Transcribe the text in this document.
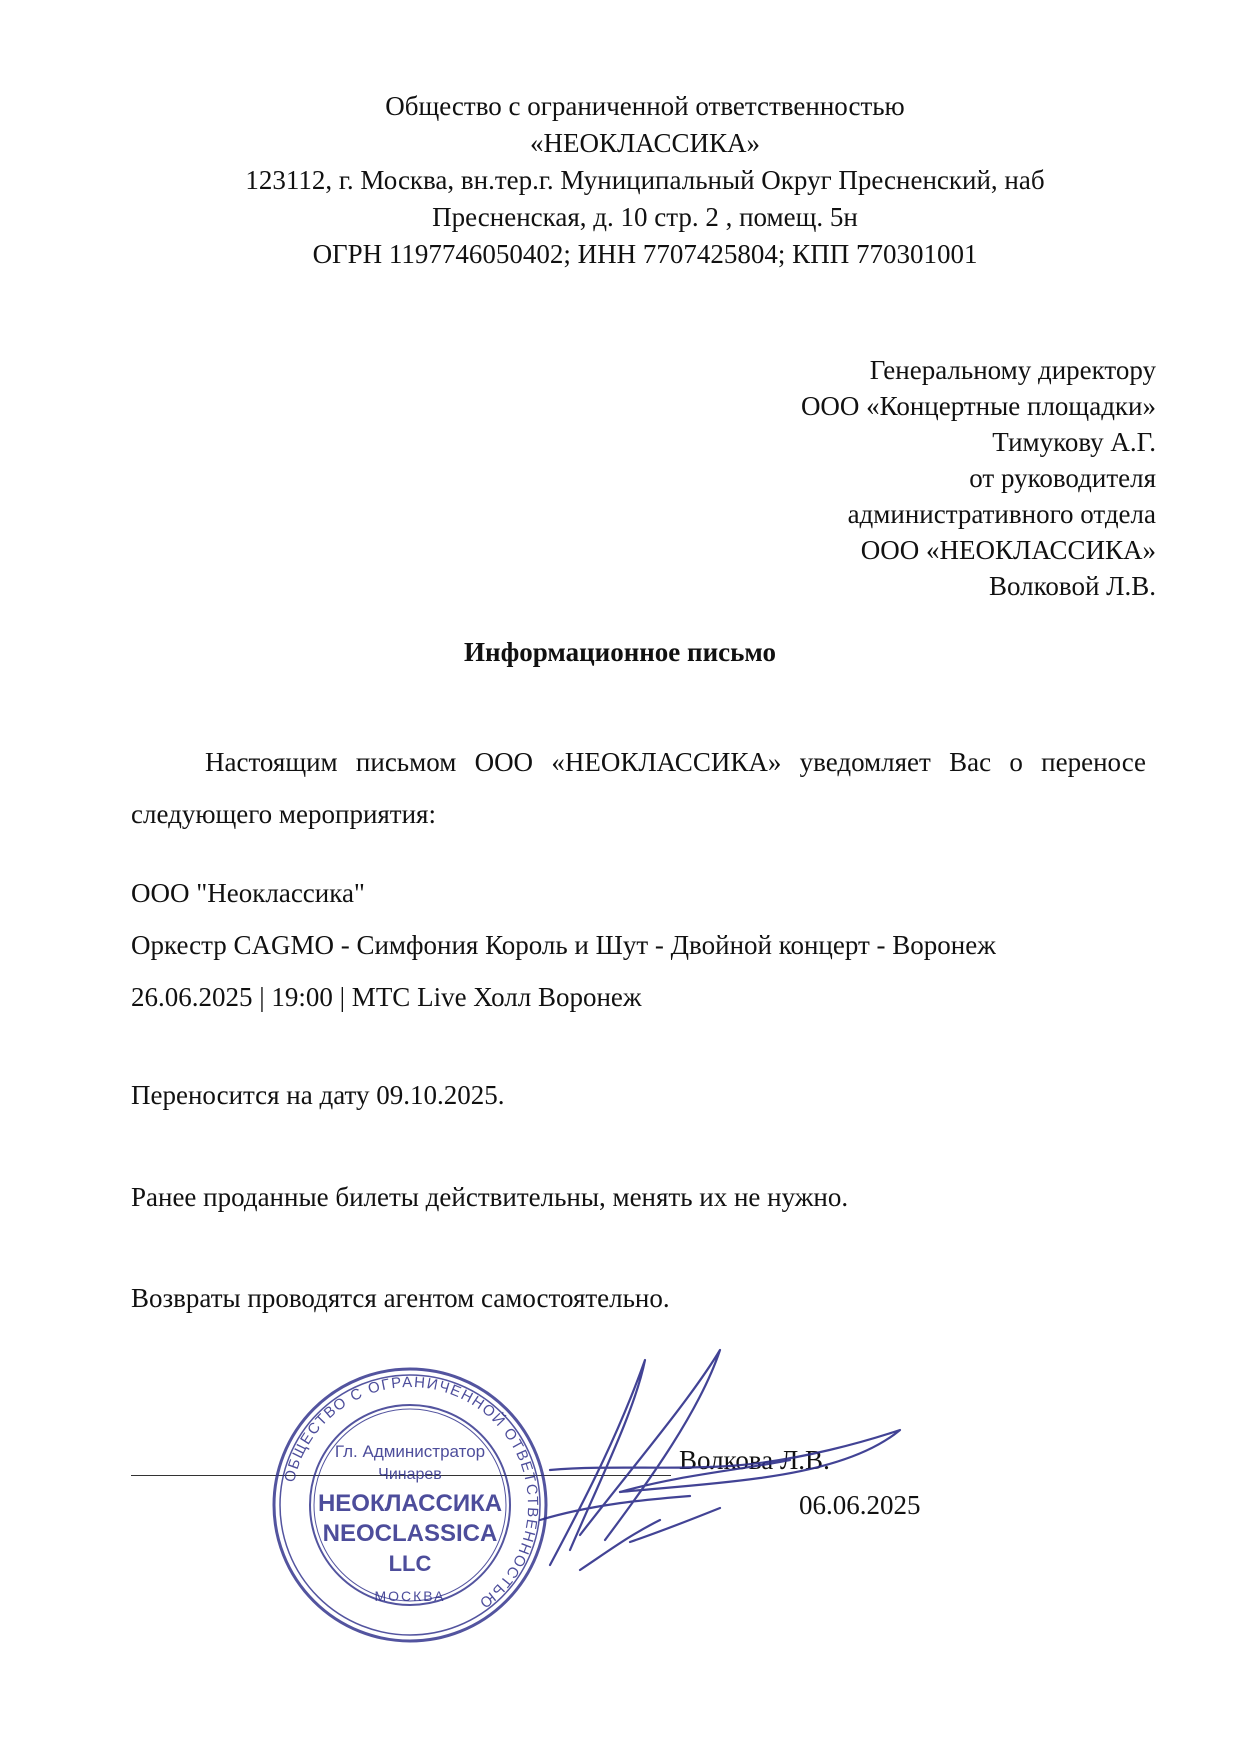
Общество с ограниченной ответственностью
«НЕОКЛАССИКА»
123112, г. Москва, вн.тер.г. Муниципальный Округ Пресненский, наб
Пресненская, д. 10 стр. 2 , помещ. 5н
ОГРН 1197746050402; ИНН 7707425804; КПП 770301001
Генеральному директору
ООО «Концертные площадки»
Тимукову А.Г.
от руководителя
административного отдела
ООО «НЕОКЛАССИКА»
Волковой Л.В.
Информационное письмо
Настоящим письмом ООО «НЕОКЛАССИКА» уведомляет Вас о переносе
следующего мероприятия:
ООО "Неоклассика"
Оркестр CAGMO - Симфония Король и Шут - Двойной концерт - Воронеж
26.06.2025 | 19:00 | МТС Live Холл Воронеж
Переносится на дату 09.10.2025.
Ранее проданные билеты действительны, менять их не нужно.
Возвраты проводятся агентом самостоятельно.
Волкова Л.В.
06.06.2025
ОБЩЕСТВО С ОГРАНИЧЕННОЙ ОТВЕТСТВЕННОСТЬЮ
Гл. Администратор
Чинарев
НЕОКЛАССИКА
NEOCLASSICA
LLC
МОСКВА
